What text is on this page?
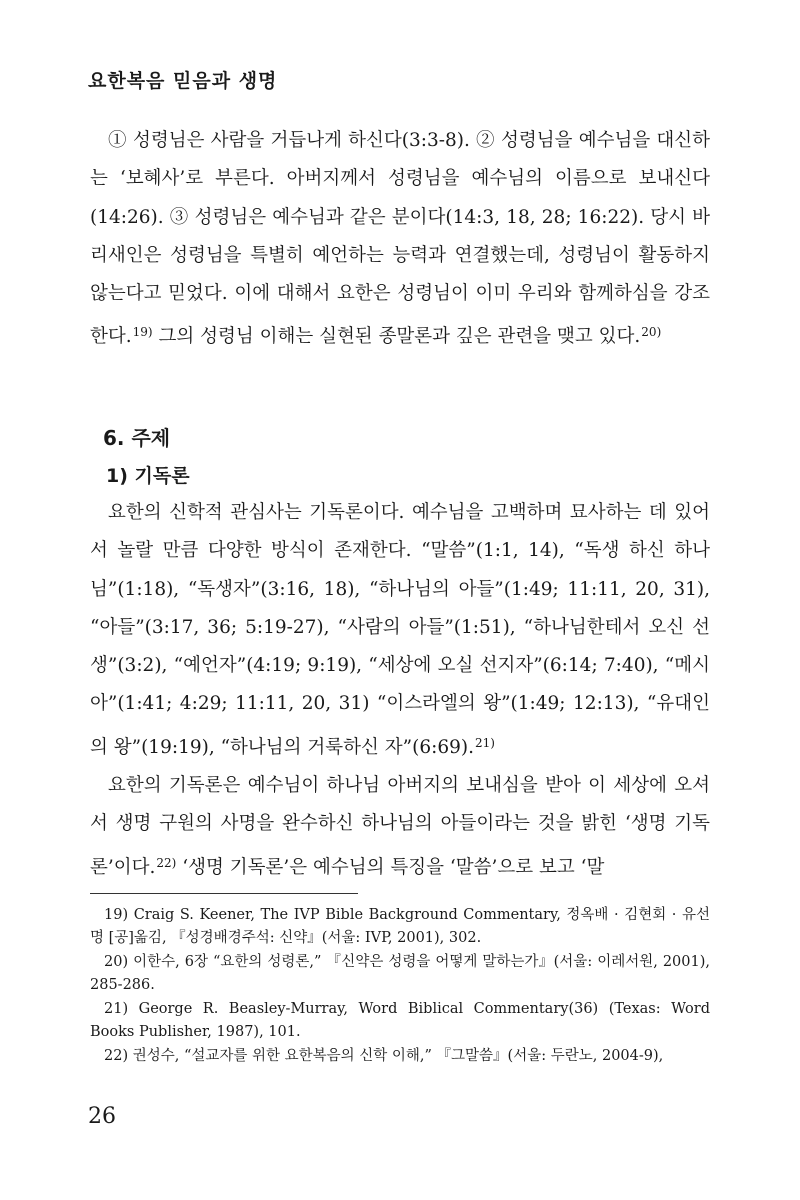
요한복음 믿음과 생명

① 성령님은 사람을 거듭나게 하신다(3:3-8). ② 성령님을 예수님을 대신하는 ‘보혜사’로 부른다. 아버지께서 성령님을 예수님의 이름으로 보내신다(14:26). ③ 성령님은 예수님과 같은 분이다(14:3, 18, 28; 16:22). 당시 바리새인은 성령님을 특별히 예언하는 능력과 연결했는데, 성령님이 활동하지 않는다고 믿었다. 이에 대해서 요한은 성령님이 이미 우리와 함께하심을 강조한다.$^{19)}$ 그의 성령님 이해는 실현된 종말론과 깊은 관련을 맺고 있다.$^{20)}$

6. 주제
1) 기독론

요한의 신학적 관심사는 기독론이다. 예수님을 고백하며 묘사하는 데 있어서 놀랄 만큼 다양한 방식이 존재한다. “말씀”(1:1, 14), “독생 하신 하나님”(1:18), “독생자”(3:16, 18), “하나님의 아들”(1:49; 11:11, 20, 31), “아들”(3:17, 36; 5:19-27), “사람의 아들”(1:51), “하나님한테서 오신 선생”(3:2), “예언자”(4:19; 9:19), “세상에 오실 선지자”(6:14; 7:40), “메시아”(1:41; 4:29; 11:11, 20, 31) “이스라엘의 왕”(1:49; 12:13), “유대인의 왕”(19:19), “하나님의 거룩하신 자”(6:69).$^{21)}$

요한의 기독론은 예수님이 하나님 아버지의 보내심을 받아 이 세상에 오셔서 생명 구원의 사명을 완수하신 하나님의 아들이라는 것을 밝힌 ‘생명 기독론’이다.$^{22)}$ ‘생명 기독론’은 예수님의 특징을 ‘말씀’으로 보고 ‘말

19) Craig S. Keener, The IVP Bible Background Commentary, 정옥배 · 김현회 · 유선명 [공]옮김, 『성경배경주석: 신약』(서울: IVP, 2001), 302.

20) 이한수, 6장 “요한의 성령론,” 『신약은 성령을 어떻게 말하는가』(서울: 이레서원, 2001), 285-286.

21) George R. Beasley-Murray, Word Biblical Commentary(36) (Texas: Word Books Publisher, 1987), 101.

22) 권성수, “설교자를 위한 요한복음의 신학 이해,” 『그말씀』(서울: 두란노, 2004-9),

26
